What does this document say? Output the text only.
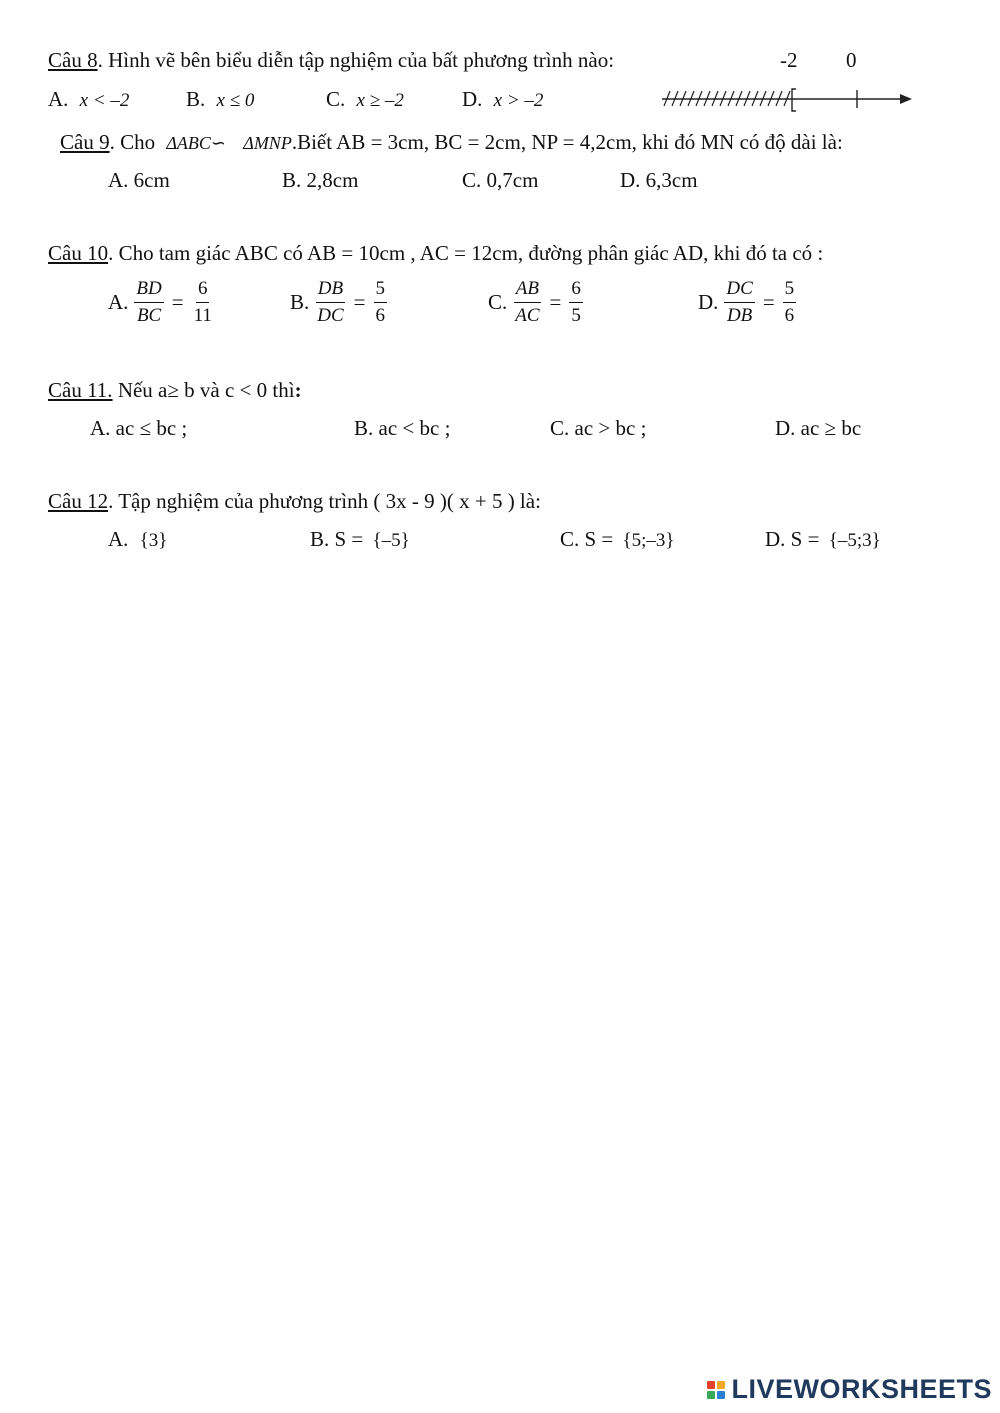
Câu 8. Hình vẽ bên biểu diễn tập nghiệm của bất phương trình nào:	-2 0
A. x < –2	B. x ≤ 0	C. x ≥ –2	D. x > –2
Câu 9. Cho ΔABC∽ ΔMNP.Biết AB = 3cm, BC = 2cm, NP = 4,2cm, khi đó MN có độ dài là:
A. 6cm	B. 2,8cm	C. 0,7cm	D. 6,3cm
Câu 10. Cho tam giác ABC có AB = 10cm , AC = 12cm, đường phân giác AD, khi đó ta có :
A. $\frac{BD}{BC} = \frac{6}{11}$	B. $\frac{DB}{DC} = \frac{5}{6}$	C. $\frac{AB}{AC} = \frac{6}{5}$	D. $\frac{DC}{DB} = \frac{5}{6}$
Câu 11. Nếu a≥ b và c < 0 thì:
A. ac ≤ bc ;	B. ac < bc ;	C. ac > bc ;	D. ac ≥ bc
Câu 12. Tập nghiệm của phương trình ( 3x - 9 )( x + 5 ) là:
A. {3}	B. S = {–5}	C. S = {5;–3}	D. S = {–5;3}
LIVEWORKSHEETS
